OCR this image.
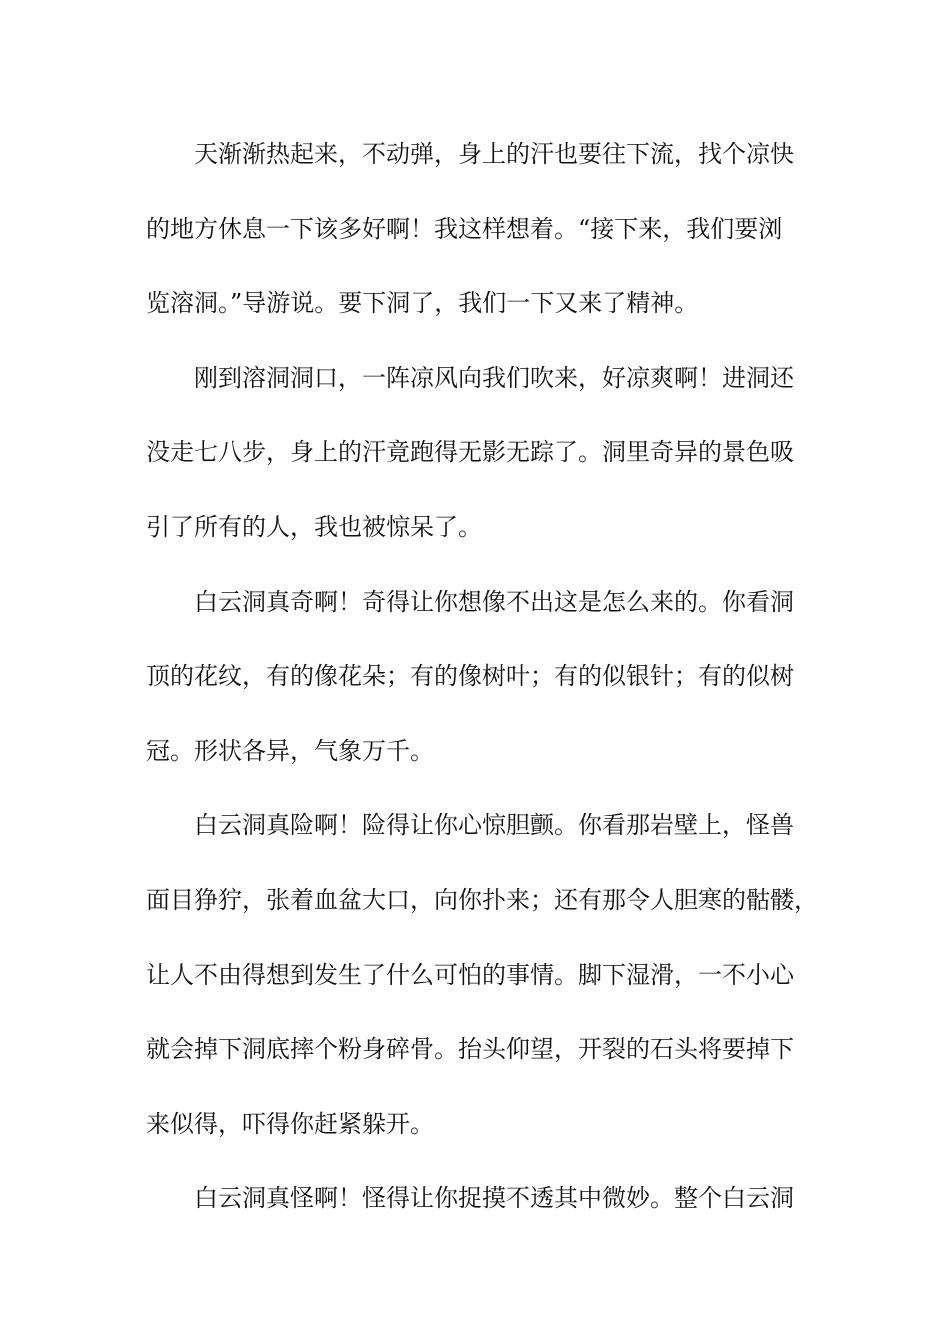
天渐渐热起来，不动弹，身上的汗也要往下流，找个凉快

的地方休息一下该多好啊！我这样想着。“接下来，我们要浏

览溶洞。”导游说。要下洞了，我们一下又来了精神。

刚到溶洞洞口，一阵凉风向我们吹来，好凉爽啊！进洞还

没走七八步，身上的汗竟跑得无影无踪了。洞里奇异的景色吸

引了所有的人，我也被惊呆了。

白云洞真奇啊！奇得让你想像不出这是怎么来的。你看洞

顶的花纹，有的像花朵；有的像树叶；有的似银针；有的似树

冠。形状各异，气象万千。

白云洞真险啊！险得让你心惊胆颤。你看那岩壁上，怪兽

面目狰狞，张着血盆大口，向你扑来；还有那令人胆寒的骷髅，

让人不由得想到发生了什么可怕的事情。脚下湿滑，一不小心

就会掉下洞底摔个粉身碎骨。抬头仰望，开裂的石头将要掉下

来似得，吓得你赶紧躲开。

白云洞真怪啊！怪得让你捉摸不透其中微妙。整个白云洞
